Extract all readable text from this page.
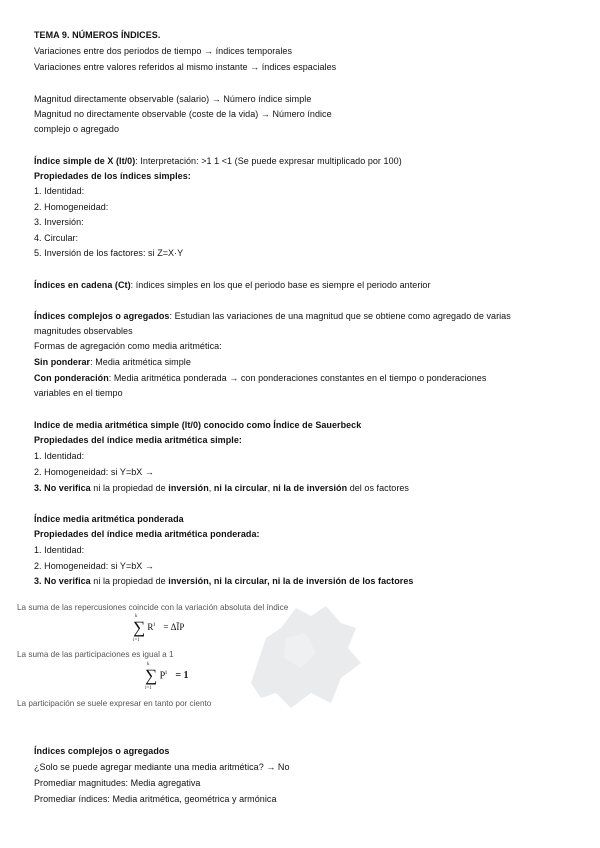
TEMA 9. NÚMEROS ÍNDICES.
Variaciones entre dos periodos de tiempo → índices temporales
Variaciones entre valores referidos al mismo instante → índices espaciales
Magnitud directamente observable (salario) → Número índice simple
Magnitud no directamente observable (coste de la vida) → Número índice
complejo o agregado
Índice simple de X (It/0): Interpretación: >1 1 <1 (Se puede expresar multiplicado por 100)
Propiedades de los índices simples:
1. Identidad:
2. Homogeneidad:
3. Inversión:
4. Circular:
5. Inversión de los factores: si Z=X·Y
Índices en cadena (Ct): índices simples en los que el periodo base es siempre el periodo anterior
Índices complejos o agregados: Estudian las variaciones de una magnitud que se obtiene como agregado de varias
magnitudes observables
Formas de agregación como media aritmética:
Sin ponderar: Media aritmética simple
Con ponderación: Media aritmética ponderada → con ponderaciones constantes en el tiempo o ponderaciones
variables en el tiempo
Indice de media aritmética simple (It/0) conocido como Índice de Sauerbeck
Propiedades del índice media aritmética simple:
1. Identidad:
2. Homogeneidad: si Y=bX →
3. No verifica ni la propiedad de inversión, ni la circular, ni la de inversión del os factores
Índice media aritmética ponderada
Propiedades del índice media aritmética ponderada:
1. Identidad:
2. Homogeneidad: si Y=bX →
3. No verifica ni la propiedad de inversión, ni la circular, ni la de inversión de los factores
La suma de las repercusiones coincide con la variación absoluta del índice
k
∑
i=1
$R^i$ = ΔĪP
La suma de las participaciones es igual a 1
k
∑
i=1
$P^i = 1$
La participación se suele expresar en tanto por ciento
Índices complejos o agregados
¿Solo se puede agregar mediante una media aritmética? → No
Promediar magnitudes: Media agregativa
Promediar índices: Media aritmética, geométrica y armónica
